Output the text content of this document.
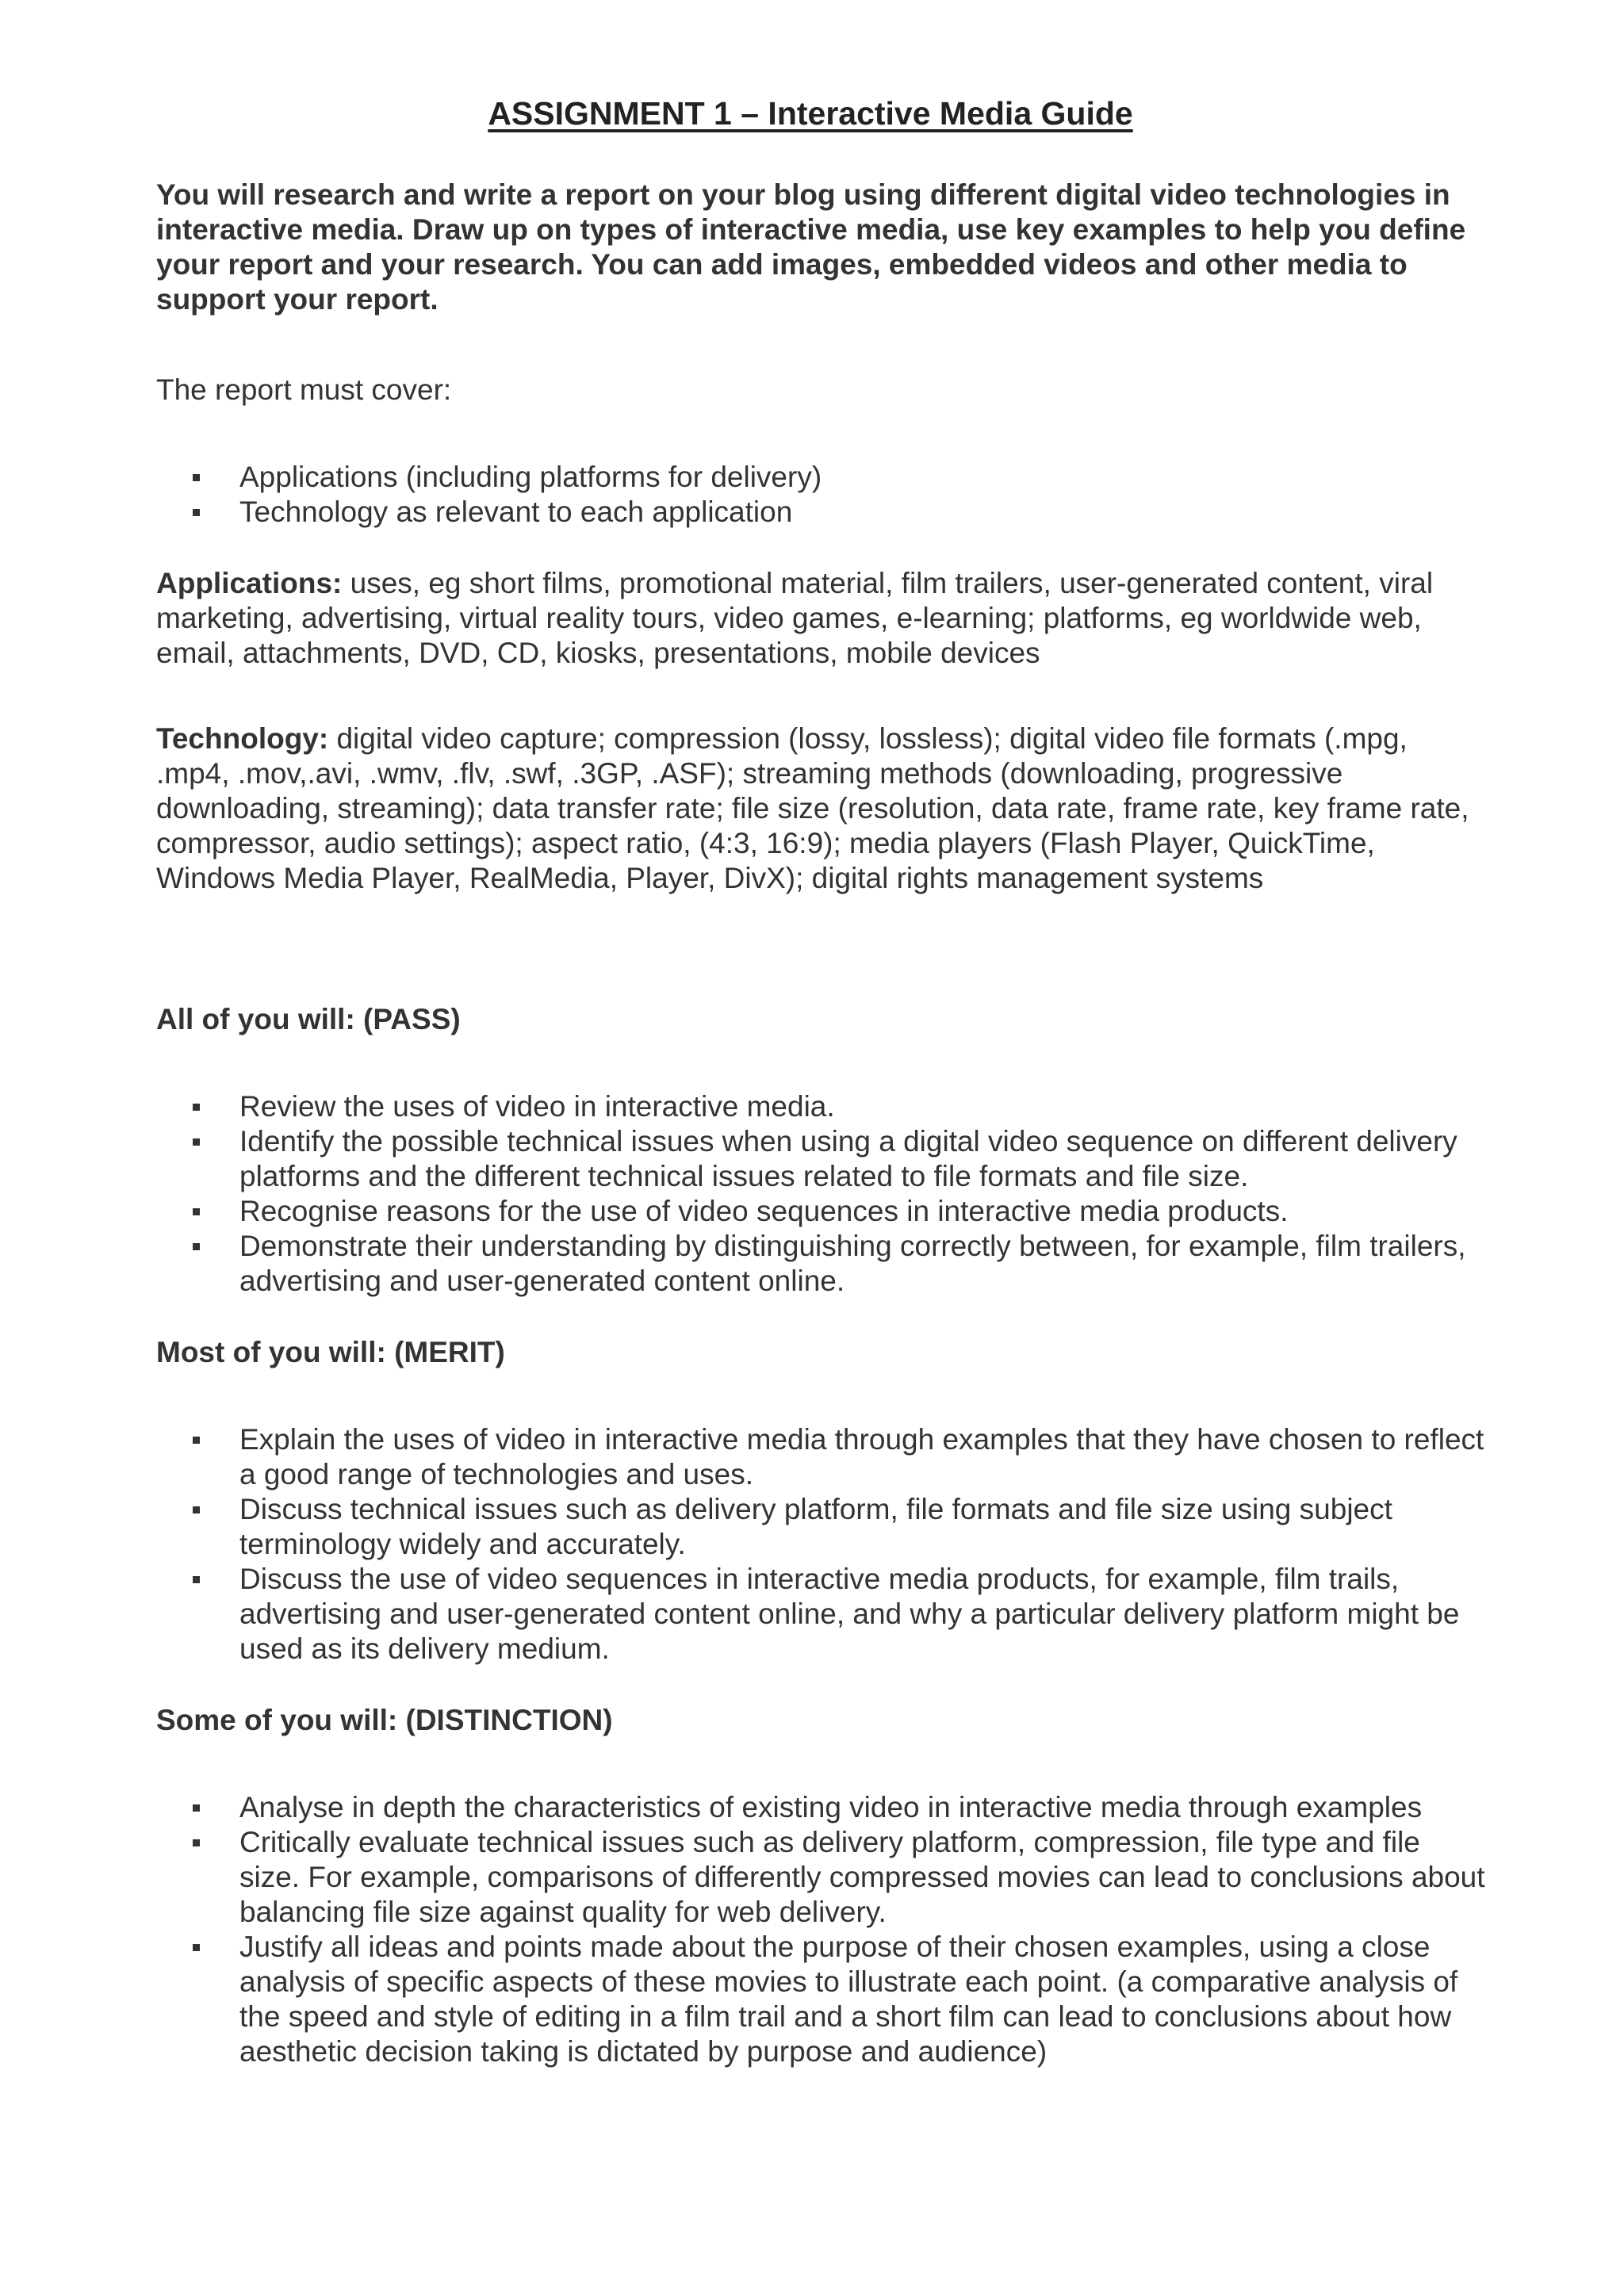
ASSIGNMENT 1 – Interactive Media Guide

You will research and write a report on your blog using different digital video technologies in interactive media. Draw up on types of interactive media, use key examples to help you define your report and your research. You can add images, embedded videos and other media to support your report.

The report must cover:

Applications (including platforms for delivery)
Technology as relevant to each application

Applications: uses, eg short films, promotional material, film trailers, user-generated content, viral marketing, advertising, virtual reality tours, video games, e-learning; platforms, eg worldwide web, email, attachments, DVD, CD, kiosks, presentations, mobile devices

Technology: digital video capture; compression (lossy, lossless); digital video file formats (.mpg, .mp4, .mov,.avi, .wmv, .flv, .swf, .3GP, .ASF); streaming methods (downloading, progressive downloading, streaming); data transfer rate; file size (resolution, data rate, frame rate, key frame rate, compressor, audio settings); aspect ratio, (4:3, 16:9); media players (Flash Player, QuickTime, Windows Media Player, RealMedia, Player, DivX); digital rights management systems

All of you will: (PASS)

Review the uses of video in interactive media.
Identify the possible technical issues when using a digital video sequence on different delivery platforms and the different technical issues related to file formats and file size.
Recognise reasons for the use of video sequences in interactive media products.
Demonstrate their understanding by distinguishing correctly between, for example, film trailers, advertising and user-generated content online.

Most of you will: (MERIT)

Explain the uses of video in interactive media through examples that they have chosen to reflect a good range of technologies and uses.
Discuss technical issues such as delivery platform, file formats and file size using subject terminology widely and accurately.
Discuss the use of video sequences in interactive media products, for example, film trails, advertising and user-generated content online, and why a particular delivery platform might be used as its delivery medium.

Some of you will: (DISTINCTION)

Analyse in depth the characteristics of existing video in interactive media through examples
Critically evaluate technical issues such as delivery platform, compression, file type and file size. For example, comparisons of differently compressed movies can lead to conclusions about balancing file size against quality for web delivery.
Justify all ideas and points made about the purpose of their chosen examples, using a close analysis of specific aspects of these movies to illustrate each point. (a comparative analysis of the speed and style of editing in a film trail and a short film can lead to conclusions about how aesthetic decision taking is dictated by purpose and audience)
